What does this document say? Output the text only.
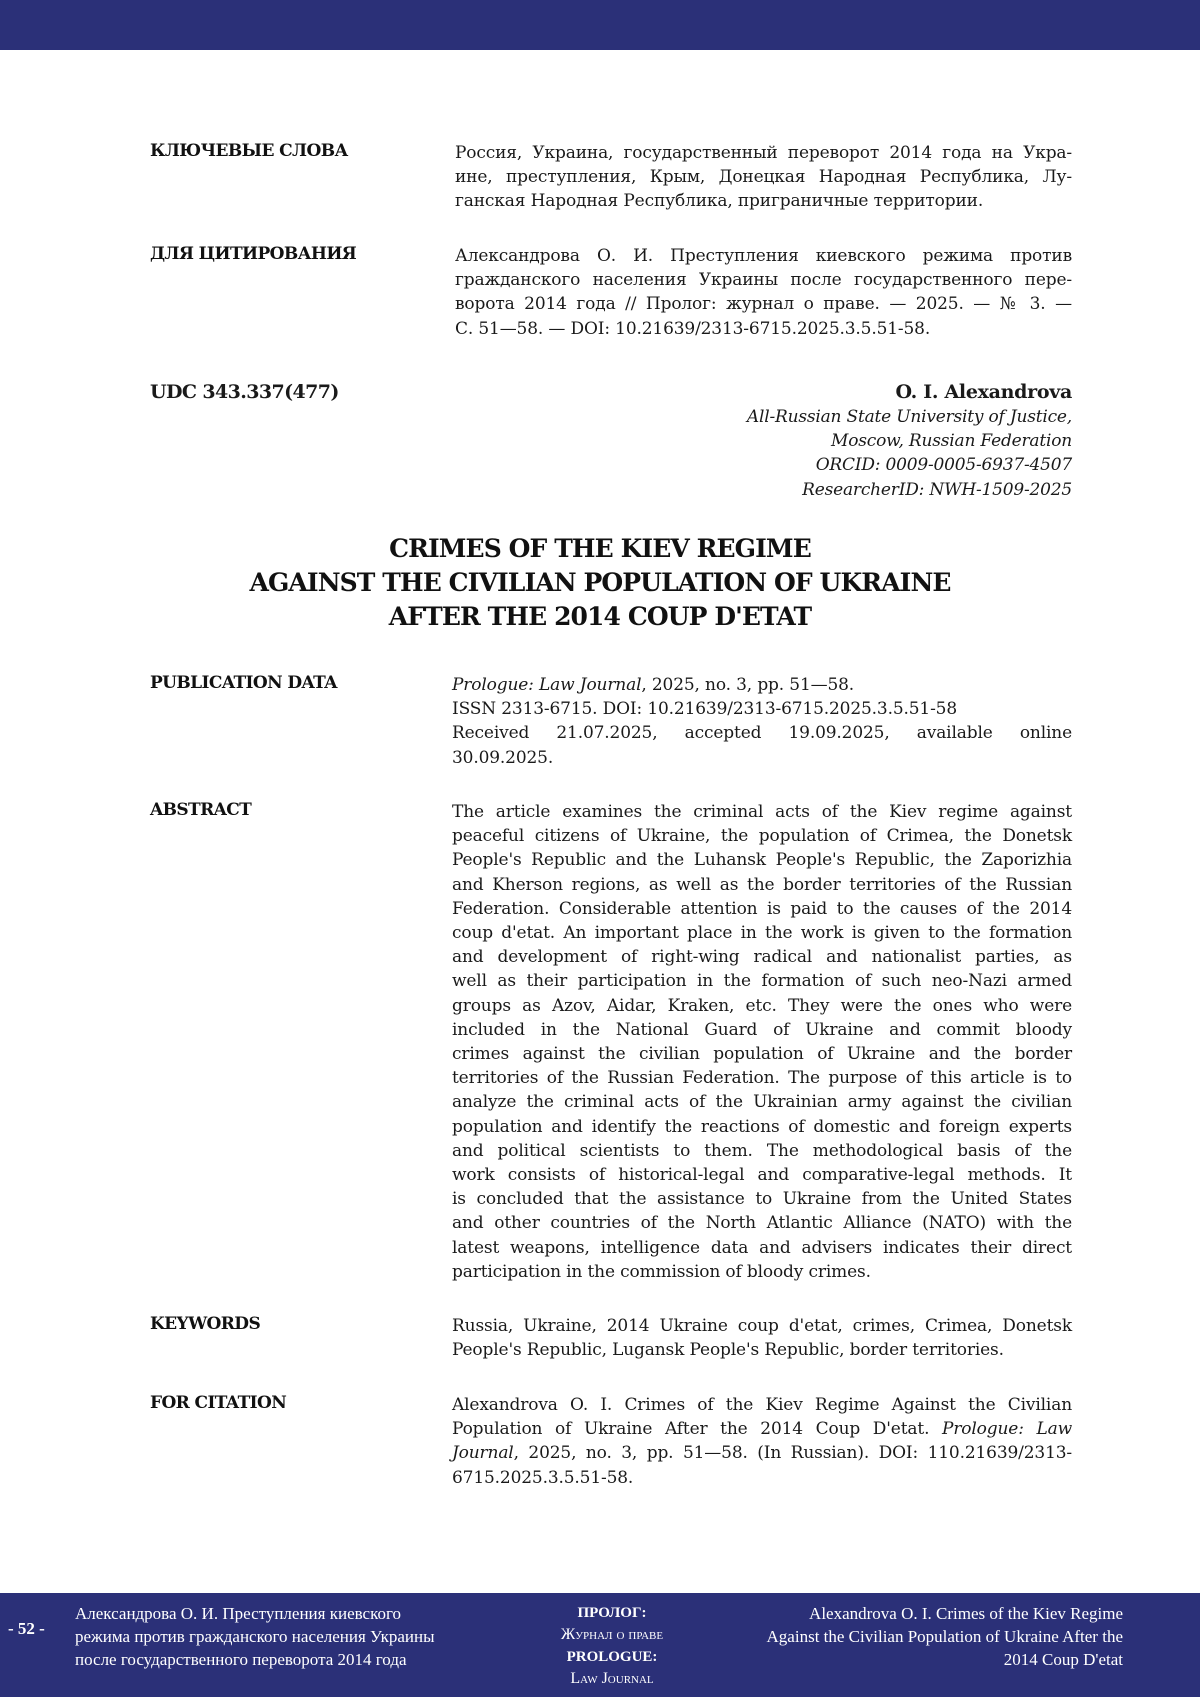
КЛЮЧЕВЫЕ СЛОВА	Россия, Украина, государственный переворот 2014 года на Укра-
ине, преступления, Крым, Донецкая Народная Республика, Лу-
ганская Народная Республика, приграничные территории.
ДЛЯ ЦИТИРОВАНИЯ	Александрова О. И. Преступления киевского режима против
гражданского населения Украины после государственного пере-
ворота 2014 года // Пролог: журнал о праве. — 2025. — № 3. —
С. 51—58. — DOI: 10.21639/2313-6715.2025.3.5.51-58.
UDC 343.337(477)	O. I. Alexandrova
All-Russian State University of Justice,
Moscow, Russian Federation
ORCID: 0009-0005-6937-4507
ResearcherID: NWH-1509-2025
CRIMES OF THE KIEV REGIME
AGAINST THE CIVILIAN POPULATION OF UKRAINE
AFTER THE 2014 COUP D'ETAT
PUBLICATION DATA	Prologue: Law Journal, 2025, no. 3, pp. 51—58.
ISSN 2313-6715. DOI: 10.21639/2313-6715.2025.3.5.51-58
Received 21.07.2025, accepted 19.09.2025, available online
30.09.2025.
ABSTRACT	The article examines the criminal acts of the Kiev regime against
peaceful citizens of Ukraine, the population of Crimea, the Donetsk
People's Republic and the Luhansk People's Republic, the Zaporizhia
and Kherson regions, as well as the border territories of the Russian
Federation. Considerable attention is paid to the causes of the 2014
coup d'etat. An important place in the work is given to the formation
and development of right-wing radical and nationalist parties, as
well as their participation in the formation of such neo-Nazi armed
groups as Azov, Aidar, Kraken, etc. They were the ones who were
included in the National Guard of Ukraine and commit bloody
crimes against the civilian population of Ukraine and the border
territories of the Russian Federation. The purpose of this article is to
analyze the criminal acts of the Ukrainian army against the civilian
population and identify the reactions of domestic and foreign experts
and political scientists to them. The methodological basis of the
work consists of historical-legal and comparative-legal methods. It
is concluded that the assistance to Ukraine from the United States
and other countries of the North Atlantic Alliance (NATO) with the
latest weapons, intelligence data and advisers indicates their direct
participation in the commission of bloody crimes.
KEYWORDS	Russia, Ukraine, 2014 Ukraine coup d'etat, crimes, Crimea, Donetsk
People's Republic, Lugansk People's Republic, border territories.
FOR CITATION	Alexandrova O. I. Crimes of the Kiev Regime Against the Civilian
Population of Ukraine After the 2014 Coup D'etat. Prologue: Law
Journal, 2025, no. 3, pp. 51—58. (In Russian). DOI: 110.21639/2313-
6715.2025.3.5.51-58.
- 52 -
Александрова О. И. Преступления киевского
режима против гражданского населения Украины
после государственного переворота 2014 года
ПРОЛОГ:
Журнал о праве
PROLOGUE:
Law Journal
Alexandrova O. I. Crimes of the Kiev Regime
Against the Civilian Population of Ukraine After the
2014 Coup D'etat
